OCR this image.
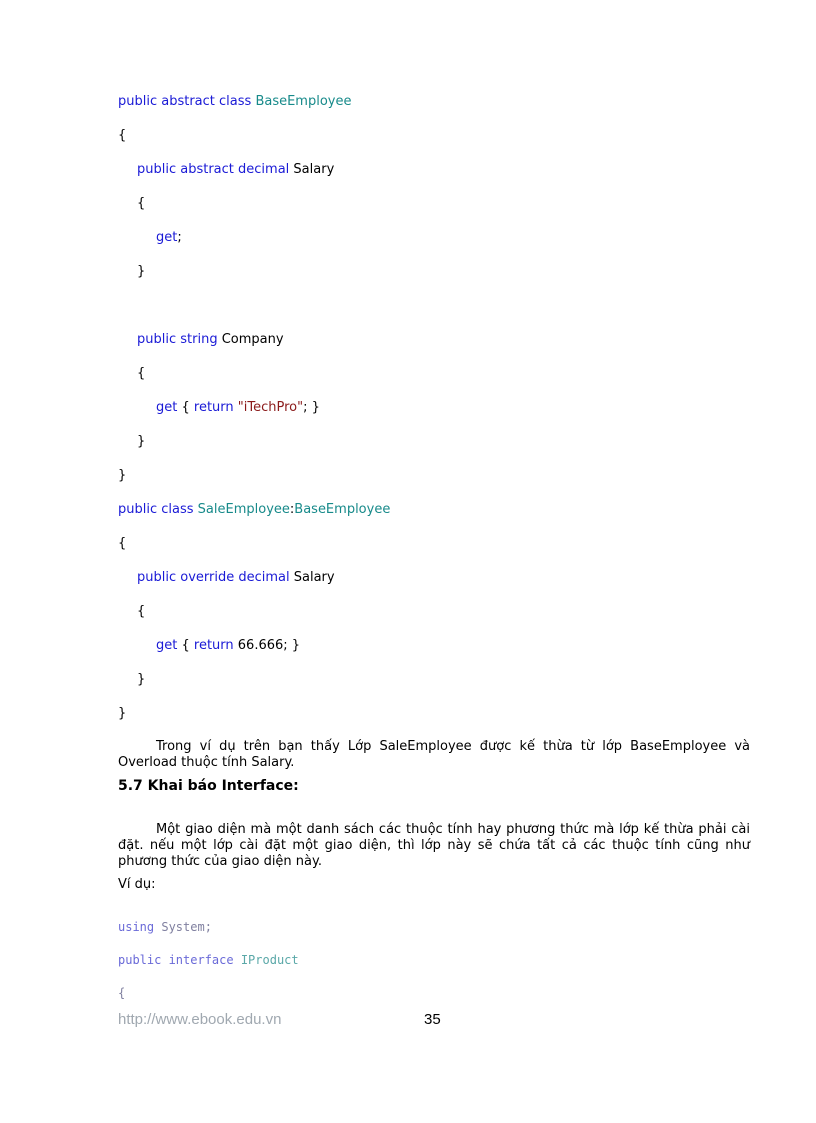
public abstract class BaseEmployee
{
public abstract decimal Salary
{
get;
}
public string Company
{
get { return "iTechPro"; }
}
}
public class SaleEmployee:BaseEmployee
{
public override decimal Salary
{
get { return 66.666; }
}
}
Trong ví dụ trên bạn thấy Lớp SaleEmployee được kế thừa từ lớp BaseEmployee và Overload thuộc tính Salary.
5.7 Khai báo Interface:
Một giao diện mà một danh sách các thuộc tính hay phương thức mà lớp kế thừa phải cài đặt. nếu một lớp cài đặt một giao diện, thì lớp này sẽ chứa tất cả các thuộc tính cũng như phương thức của giao diện này.
Ví dụ:
using System;
public interface IProduct
{
http://www.ebook.edu.vn	35
